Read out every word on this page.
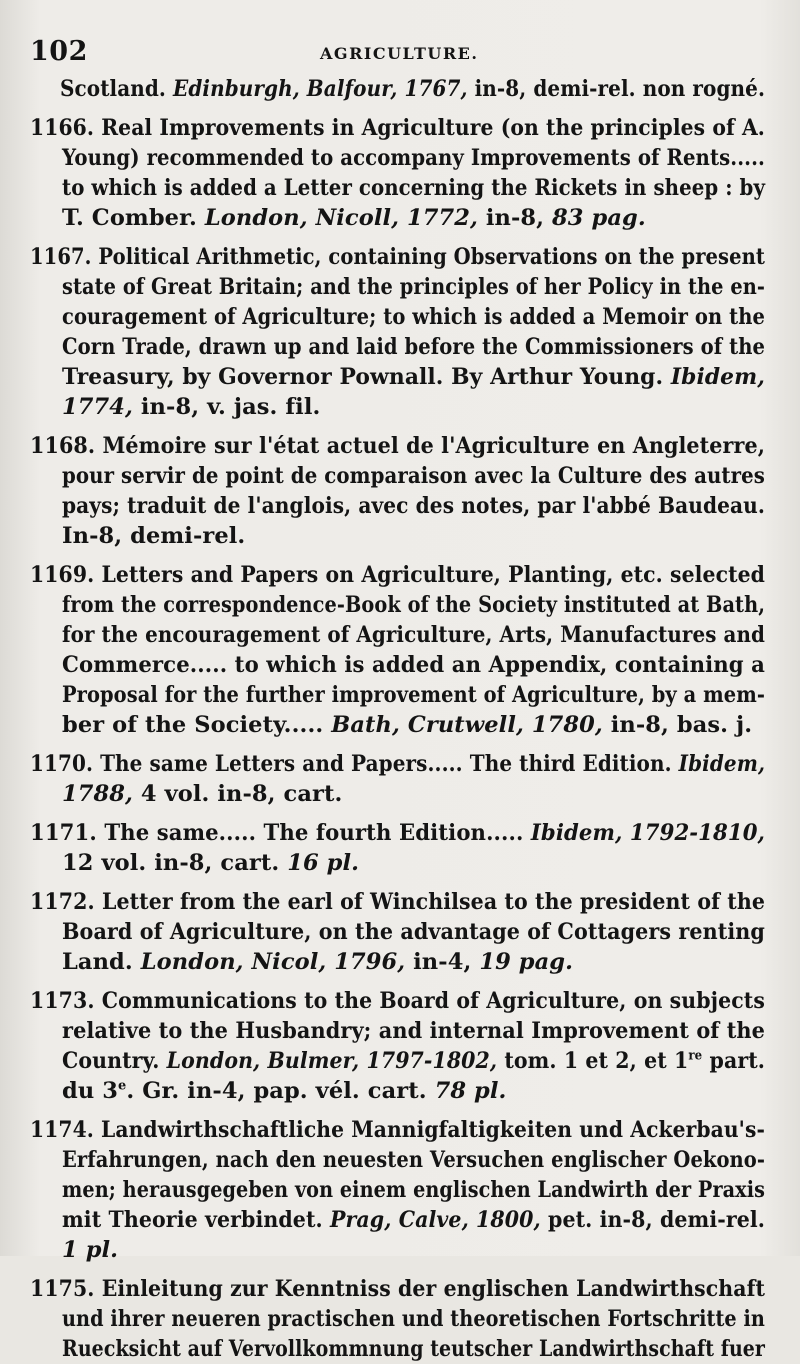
102	AGRICULTURE.
Scotland. Edinburgh, Balfour, 1767, in-8, demi-rel. non rogné.
1166. Real Improvements in Agriculture (on the principles of A.
Young) recommended to accompany Improvements of Rents.....
to which is added a Letter concerning the Rickets in sheep : by
T. Comber. London, Nicoll, 1772, in-8, 83 pag.
1167. Political Arithmetic, containing Observations on the present
state of Great Britain; and the principles of her Policy in the en-
couragement of Agriculture; to which is added a Memoir on the
Corn Trade, drawn up and laid before the Commissioners of the
Treasury, by Governor Pownall. By Arthur Young. Ibidem,
1774, in-8, v. jas. fil.
1168. Mémoire sur l'état actuel de l'Agriculture en Angleterre,
pour servir de point de comparaison avec la Culture des autres
pays; traduit de l'anglois, avec des notes, par l'abbé Baudeau.
In-8, demi-rel.
1169. Letters and Papers on Agriculture, Planting, etc. selected
from the correspondence-Book of the Society instituted at Bath,
for the encouragement of Agriculture, Arts, Manufactures and
Commerce..... to which is added an Appendix, containing a
Proposal for the further improvement of Agriculture, by a mem-
ber of the Society..... Bath, Crutwell, 1780, in-8, bas. j.
1170. The same Letters and Papers..... The third Edition. Ibidem,
1788, 4 vol. in-8, cart.
1171. The same..... The fourth Edition..... Ibidem, 1792-1810,
12 vol. in-8, cart. 16 pl.
1172. Letter from the earl of Winchilsea to the president of the
Board of Agriculture, on the advantage of Cottagers renting
Land. London, Nicol, 1796, in-4, 19 pag.
1173. Communications to the Board of Agriculture, on subjects
relative to the Husbandry; and internal Improvement of the
Country. London, Bulmer, 1797-1802, tom. 1 et 2, et 1re part.
du 3e. Gr. in-4, pap. vél. cart. 78 pl.
1174. Landwirthschaftliche Mannigfaltigkeiten und Ackerbau's-
Erfahrungen, nach den neuesten Versuchen englischer Oekono-
men; herausgegeben von einem englischen Landwirth der Praxis
mit Theorie verbindet. Prag, Calve, 1800, pet. in-8, demi-rel.
1 pl.
1175. Einleitung zur Kenntniss der englischen Landwirthschaft
und ihrer neueren practischen und theoretischen Fortschritte in
Ruecksicht auf Vervollkommnung teutscher Landwirthschaft fuer
